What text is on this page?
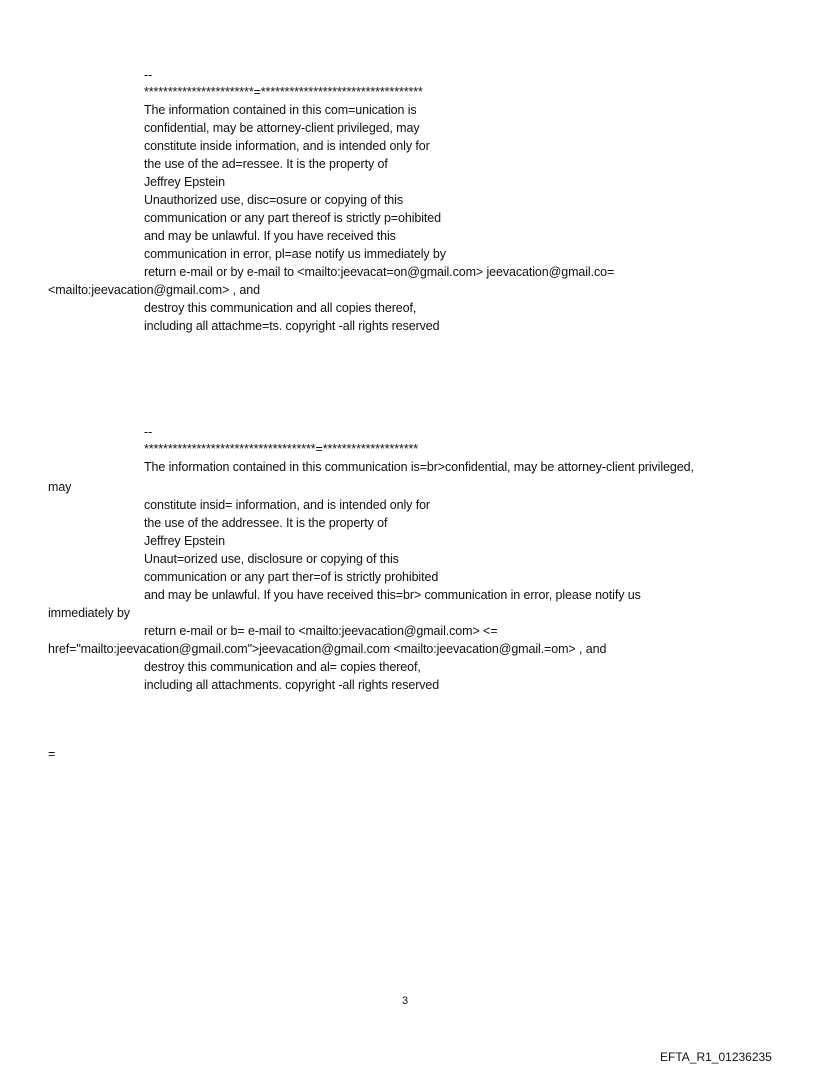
--
***********************=**********************************
The information contained in this com=unication is
confidential, may be attorney-client privileged, may
constitute inside information, and is intended only for
the use of the ad=ressee. It is the property of
Jeffrey Epstein
Unauthorized use, disc=osure or copying of this
communication or any part thereof is strictly p=ohibited
and may be unlawful. If you have received this
communication in error, pl=ase notify us immediately by
return e-mail or by e-mail to <mailto:jeevacat=on@gmail.com> jeevacation@gmail.co=
<mailto:jeevacation@gmail.com> , and
destroy this communication and all copies thereof,
including all attachme=ts. copyright -all rights reserved
--
************************************=********************
The information contained in this communication is=br>confidential, may be attorney-client privileged,
may
constitute insid= information, and is intended only for
the use of the addressee. It is the property of
Jeffrey Epstein
Unaut=orized use, disclosure or copying of this
communication or any part ther=of is strictly prohibited
and may be unlawful. If you have received this=br> communication in error, please notify us
immediately by
return e-mail or b= e-mail to <mailto:jeevacation@gmail.com> <=
href="mailto:jeevacation@gmail.com">jeevacation@gmail.com <mailto:jeevacation@gmail.=om> , and
destroy this communication and al= copies thereof,
including all attachments. copyright -all rights reserved
=
3
EFTA_R1_01236235
